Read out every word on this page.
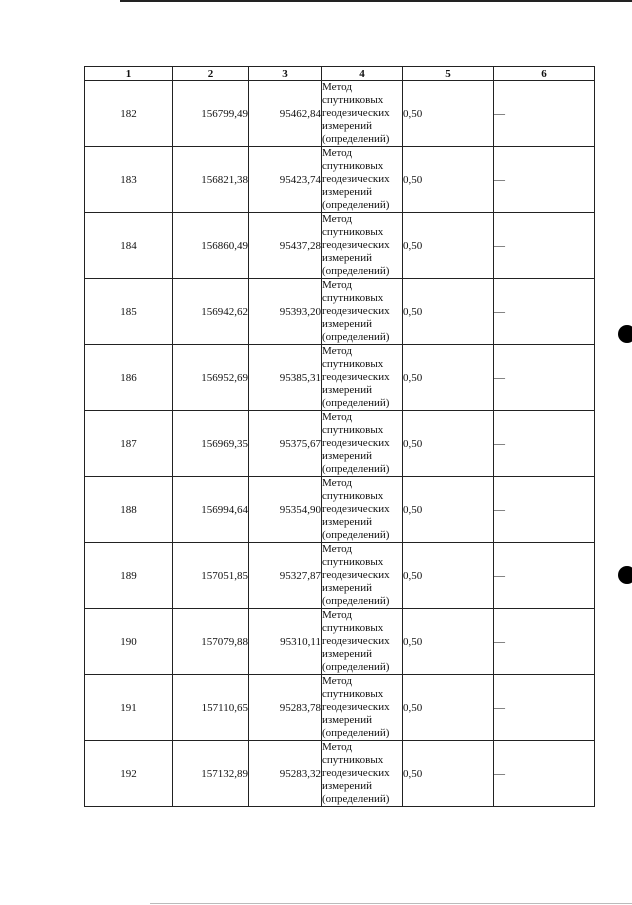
1	2	3	4	5	6
182	156799,49	95462,84	Метод
спутниковых
геодезических
измерений
(определений)	0,50	—
183	156821,38	95423,74	Метод
спутниковых
геодезических
измерений
(определений)	0,50	—
184	156860,49	95437,28	Метод
спутниковых
геодезических
измерений
(определений)	0,50	—
185	156942,62	95393,20	Метод
спутниковых
геодезических
измерений
(определений)	0,50	—
186	156952,69	95385,31	Метод
спутниковых
геодезических
измерений
(определений)	0,50	—
187	156969,35	95375,67	Метод
спутниковых
геодезических
измерений
(определений)	0,50	—
188	156994,64	95354,90	Метод
спутниковых
геодезических
измерений
(определений)	0,50	—
189	157051,85	95327,87	Метод
спутниковых
геодезических
измерений
(определений)	0,50	—
190	157079,88	95310,11	Метод
спутниковых
геодезических
измерений
(определений)	0,50	—
191	157110,65	95283,78	Метод
спутниковых
геодезических
измерений
(определений)	0,50	—
192	157132,89	95283,32	Метод
спутниковых
геодезических
измерений
(определений)	0,50	—
